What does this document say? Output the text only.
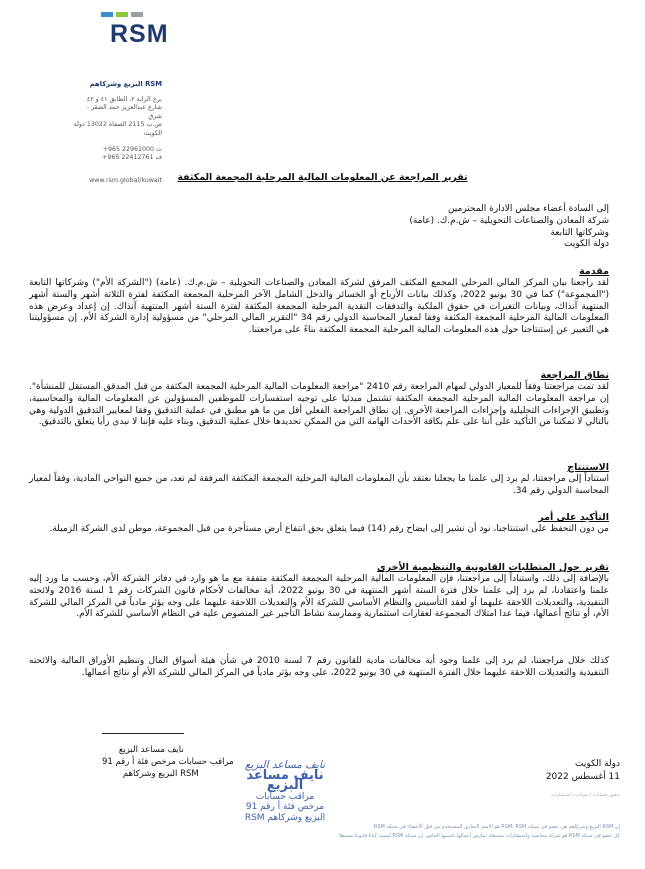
RSM
RSM البزيع وشركاهم
برج الراية ٢، الطابق ٤١ و ٤٢
شارع عبدالعزيز حمد الصقر - شرق
ص.ب 2115 الصفاة 13022 دولة الكويت
+965 22961000 ت
+965 22412761 ف
www.rsm.global/kuwait	تقرير المراجعة عن المعلومات المالية المرحلية المجمعة المكثفة
إلى السادة أعضاء مجلس الادارة المحترمين
شركة المعادن والصناعات التحويلية – ش.م.ك. (عامة)
وشركاتها التابعة
دولة الكويت
مقدمة
لقد راجعنا بيان المركز المالي المرحلي المجمع المكثف المرفق لشركة المعادن والصناعات التحويلية – ش.م.ك. (عامة) ("الشركة الأم") وشركاتها التابعة ("المجموعة") كما في 30 يونيو 2022، وكذلك بيانات الأرباح أو الخسائر والدخل الشامل الآخر المرحلية المجمعة المكثفة لفترة الثلاثة أشهر والستة أشهر المنتهية آنذاك، وبيانات التغيرات في حقوق الملكية والتدفقات النقدية المرحلية المجمعة المكثفة لفترة الستة أشهر المنتهية آنذاك. إن إعداد وعرض هذه المعلومات المالية المرحلية المجمعة المكثفة وفقا لمعيار المحاسبة الدولي رقم 34 "التقرير المالي المرحلي" من مسؤولية إدارة الشركة الأم. إن مسؤوليتنا هي التعبير عن إستنتاجنا حول هذه المعلومات المالية المرحلية المجمعة المكثفة بناءً على مراجعتنا.
نطاق المراجعة
لقد تمت مراجعتنا وفقاً للمعيار الدولي لمهام المراجعة رقم 2410 "مراجعة المعلومات المالية المرحلية المجمعة المكثفة من قبل المدقق المستقل للمنشأة". إن مراجعة المعلومات المالية المرحلية المجمعة المكثفة تشتمل مبدئيا على توجيه استفسارات للموظفين المسؤولين عن المعلومات المالية والمحاسبية، وتطبيق الإجراءات التحليلية وإجراءات المراجعة الأخرى. إن نطاق المراجعة الفعلي أقل من ما هو مطبق في عملية التدقيق وفقا لمعايير التدقيق الدولية وهي بالتالي لا تمكننا من التأكيد على أننا على علم بكافة الأحداث الهامة التي من الممكن تحديدها خلال عملية التدقيق، وبناء عليه فإننا لا نبدي رأيا يتعلق بالتدقيق.
الاستنتاج
استناداً إلى مراجعتنا، لم يرد إلى علمنا ما يجعلنا نعتقد بأن المعلومات المالية المرحلية المجمعة المكثفة المرفقة لم تعد، من جميع النواحي المادية، وفقاً لمعيار المحاسبة الدولي رقم 34.
التأكيد على أمر
من دون التحفظ على استنتاجنا، نود أن نشير إلى ايضاح رقم (14) فيما يتعلق بحق انتفاع أرض مستأجرة من قبل المجموعة، موطن لدى الشركة الزميلة.
تقرير حول المتطلبات القانونية والتنظيمية الأخرى
بالإضافة إلى ذلك، واستناداً إلى مراجعتنا، فإن المعلومات المالية المرحلية المجمعة المكثفة متفقة مع ما هو وارد في دفاتر الشركة الأم، وحسب ما ورد إليه علمنا واعتقادنا، لم يرد إلى علمنا خلال فترة الستة أشهر المنتهية في 30 يونيو 2022، أية مخالفات لأحكام قانون الشركات رقم 1 لسنة 2016 ولائحته التنفيذية، والتعديلات اللاحقة عليهما أو لعقد التأسيس والنظام الأساسي للشركة الأم والتعديلات اللاحقة عليهما على وجه يؤثر مادياً في المركز المالي للشركة الأم، أو نتائج أعمالها، فيما عدا امتلاك المجموعة لعقارات استثمارية وممارسة نشاط التأجير غير المنصوص عليه في النظام الأساسي للشركة الأم.
كذلك خلال مراجعتنا، لم يرد إلى علمنا وجود أية مخالفات مادية للقانون رقم 7 لسنة 2010 في شأن هيئة أسواق المال وتنظيم الأوراق المالية والائحته التنفيذية والتعديلات اللاحقة عليهما خلال الفترة المنتهية في 30 يونيو 2022، على وجه يؤثر مادياً في المركز المالي للشركة الأم أو نتائج أعمالها.
نايف مساعد البزيع
مراقب حسابات مرخص فئة أ رقم 91
RSM البزيع وشركاهم
نايف مساعد البزيع
نايف مساعد البزيع
مراقب حسابات
مرخص فئة أ رقم 91
RSM البزيع وشركاهم
دولة الكويت
11 أغسطس 2022
تدقيق حسابات | ضرائب | استشارات
إن RSM البزيع وشركاهم هي عضو في شبكة RSM. RSM هو الاسم التجاري المستخدم من قبل الأعضاء في شبكة RSM
كل عضو في شبكة RSM هو شركة محاسبة واستشارات مستقلة تمارس أعمالها باسمها الخاص. إن شبكة RSM ليست كيانا قانونيا مستقلا
